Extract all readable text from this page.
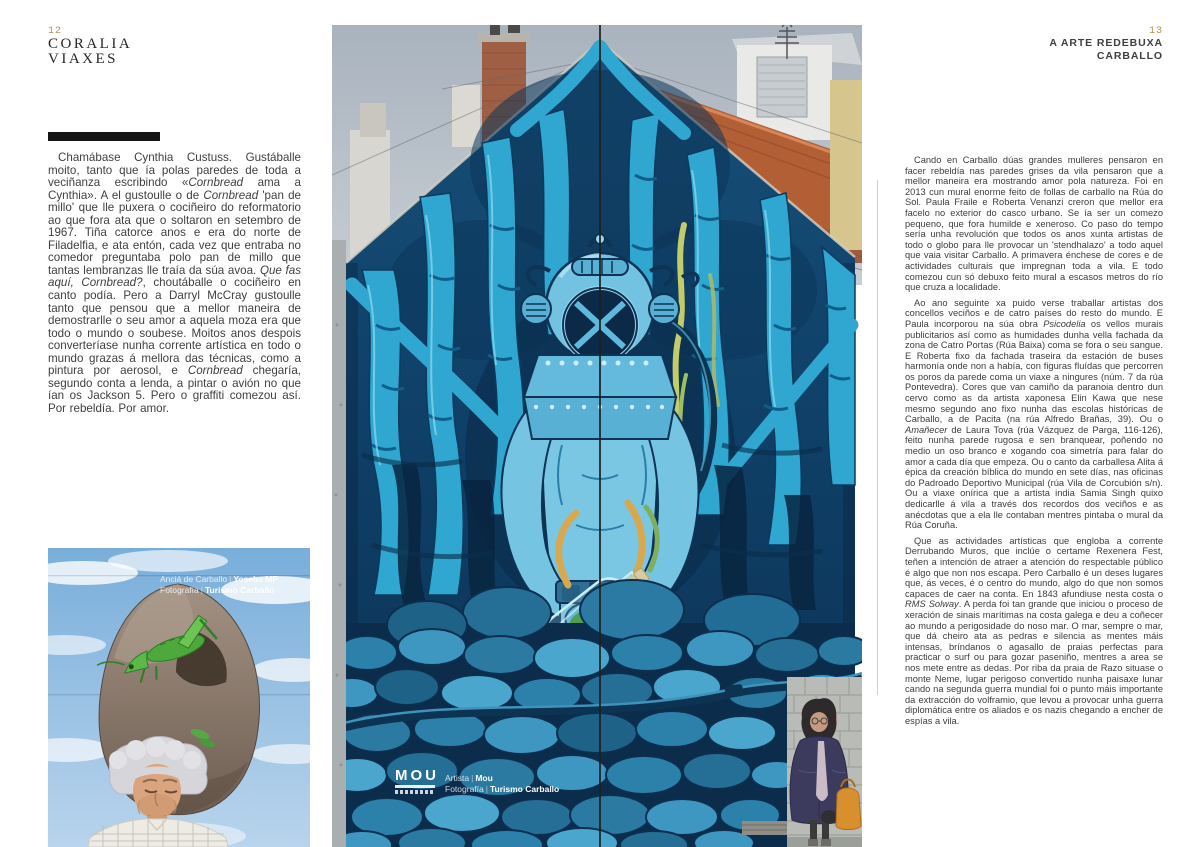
12
CORALIA
VIAXES
13
A ARTE REDEBUXA
CARBALLO

Chamábase Cynthia Custuss. Gustáballe moito, tanto que ía polas paredes de toda a veciñanza escribindo «Cornbread ama a Cynthia». A el gustoulle o de Cornbread 'pan de millo' que lle puxera o cociñeiro do reformatorio ao que fora ata que o soltaron en setembro de 1967. Tiña catorce anos e era do norte de Filadelfia, e ata entón, cada vez que entraba no comedor preguntaba polo pan de millo que tantas lembranzas lle traía da súa avoa. Que fas aquí, Cornbread?, choutáballe o cociñeiro en canto podía. Pero a Darryl McCray gustoulle tanto que pensou que a mellor maneira de demostrarlle o seu amor a aquela moza era que todo o mundo o soubese. Moitos anos despois converteríase nunha corrente artística en todo o mundo grazas á mellora das técnicas, como a pintura por aerosol, e Cornbread chegaría, segundo conta a lenda, a pintar o avión no que ían os Jackson 5. Pero o graffiti comezou así. Por rebeldía. Por amor.

Anciá de Carballo | Yoseba MP
Fotografía | Turismo Carballo
MOU Artista | Mou
Fotografía | Turismo Carballo

Cando en Carballo dúas grandes mulleres pensaron en facer rebeldía nas paredes grises da vila pensaron que a mellor maneira era mostrando amor pola natureza. Foi en 2013 cun mural enorme feito de follas de carballo na Rúa do Sol. Paula Fraile e Roberta Venanzi creron que mellor era facelo no exterior do casco urbano. Se ía ser un comezo pequeno, que fora humilde e xeneroso. Co paso do tempo sería unha revolución que todos os anos xunta artistas de todo o globo para lle provocar un 'stendhalazo' a todo aquel que vaia visitar Carballo. A primavera énchese de cores e de actividades culturais que impregnan toda a vila. E todo comezou cun só debuxo feito mural a escasos metros do río que cruza a localidade.

Ao ano seguinte xa puido verse traballar artistas dos concellos veciños e de catro países do resto do mundo. E Paula incorporou na súa obra Psicodelia os vellos murais publicitarios así como as humidades dunha vella fachada da zona de Catro Portas (Rúa Baixa) coma se fora o seu sangue. E Roberta fixo da fachada traseira da estación de buses harmonía onde non a había, con figuras fluídas que percorren os poros da parede coma un viaxe a ningures (núm. 7 da rúa Pontevedra). Cores que van camiño da paranoia dentro dun cervo como as da artista xaponesa Elin Kawa que nese mesmo segundo ano fixo nunha das escolas históricas de Carballo, a de Pacita (na rúa Alfredo Brañas, 39). Ou o Amañecer de Laura Tova (rúa Vázquez de Parga, 116-126), feito nunha parede rugosa e sen branquear, poñendo no medio un oso branco e xogando coa simetría para falar do amor a cada día que empeza. Ou o canto da carballesa Alita á épica da creación bíblica do mundo en sete días, nas oficinas do Padroado Deportivo Municipal (rúa Vila de Corcubión s/n). Ou a viaxe onírica que a artista india Samia Singh quixo dedicarlle á vila a través dos recordos dos veciños e as anécdotas que a ela lle contaban mentres pintaba o mural da Rúa Coruña.

Que as actividades artísticas que engloba a corrente Derrubando Muros, que inclúe o certame Rexenera Fest, teñen a intención de atraer a atención do respectable público é algo que non nos escapa. Pero Carballo é un deses lugares que, ás veces, é o centro do mundo, algo do que non somos capaces de caer na conta. En 1843 afundiuse nesta costa o RMS Solway. A perda foi tan grande que iniciou o proceso de xeración de sinais marítimas na costa galega e deu a coñecer ao mundo a perigosidade do noso mar. O mar, sempre o mar, que dá cheiro ata as pedras e silencia as mentes máis intensas, bríndanos o agasallo de praias perfectas para practicar o surf ou para gozar paseniño, mentres a area se nos mete entre as dedas. Por riba da praia de Razo situase o monte Neme, lugar perigoso convertido nunha paisaxe lunar cando na segunda guerra mundial foi o punto máis importante da extracción do volframio, que levou a provocar unha guerra diplomática entre os aliados e os nazis chegando a encher de espías a vila.
